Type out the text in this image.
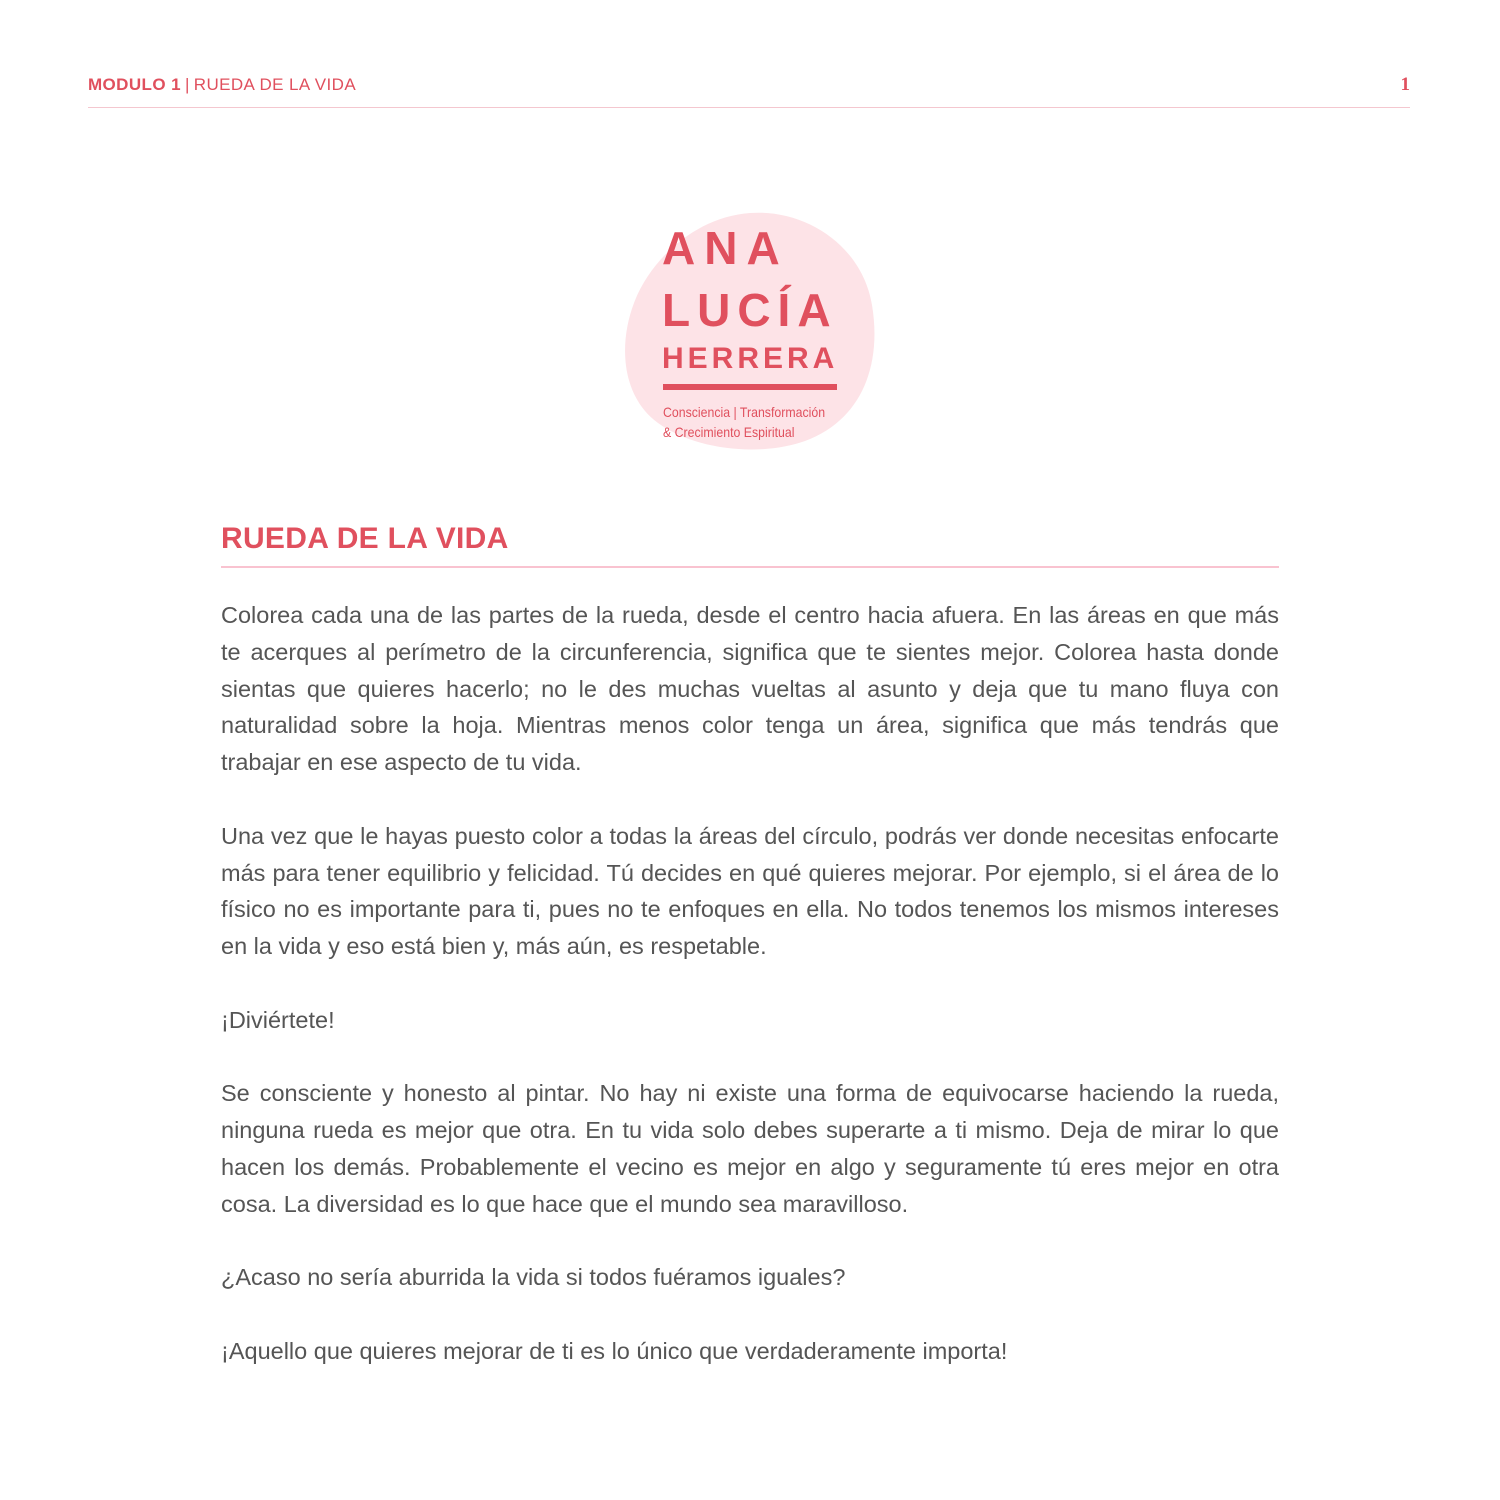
MODULO 1 | RUEDA DE LA VIDA	1
ANA
LUCÍA
HERRERA
Consciencia | Transformación
& Crecimiento Espiritual
RUEDA DE LA VIDA

Colorea cada una de las partes de la rueda, desde el centro hacia afuera. En las áreas en que más te acerques al perímetro de la circunferencia, significa que te sientes mejor. Colorea hasta donde sientas que quieres hacerlo; no le des muchas vueltas al asunto y deja que tu mano fluya con naturalidad sobre la hoja. Mientras menos color tenga un área, significa que más tendrás que trabajar en ese aspecto de tu vida.

Una vez que le hayas puesto color a todas la áreas del círculo, podrás ver donde necesitas enfocarte más para tener equilibrio y felicidad. Tú decides en qué quieres mejorar. Por ejemplo, si el área de lo físico no es importante para ti, pues no te enfoques en ella. No todos tenemos los mismos intereses en la vida y eso está bien y, más aún, es respetable.

¡Diviértete!

Se consciente y honesto al pintar. No hay ni existe una forma de equivocarse haciendo la rueda, ninguna rueda es mejor que otra. En tu vida solo debes superarte a ti mismo. Deja de mirar lo que hacen los demás. Probablemente el vecino es mejor en algo y seguramente tú eres mejor en otra cosa. La diversidad es lo que hace que el mundo sea maravilloso.

¿Acaso no sería aburrida la vida si todos fuéramos iguales?

¡Aquello que quieres mejorar de ti es lo único que verdaderamente importa!
